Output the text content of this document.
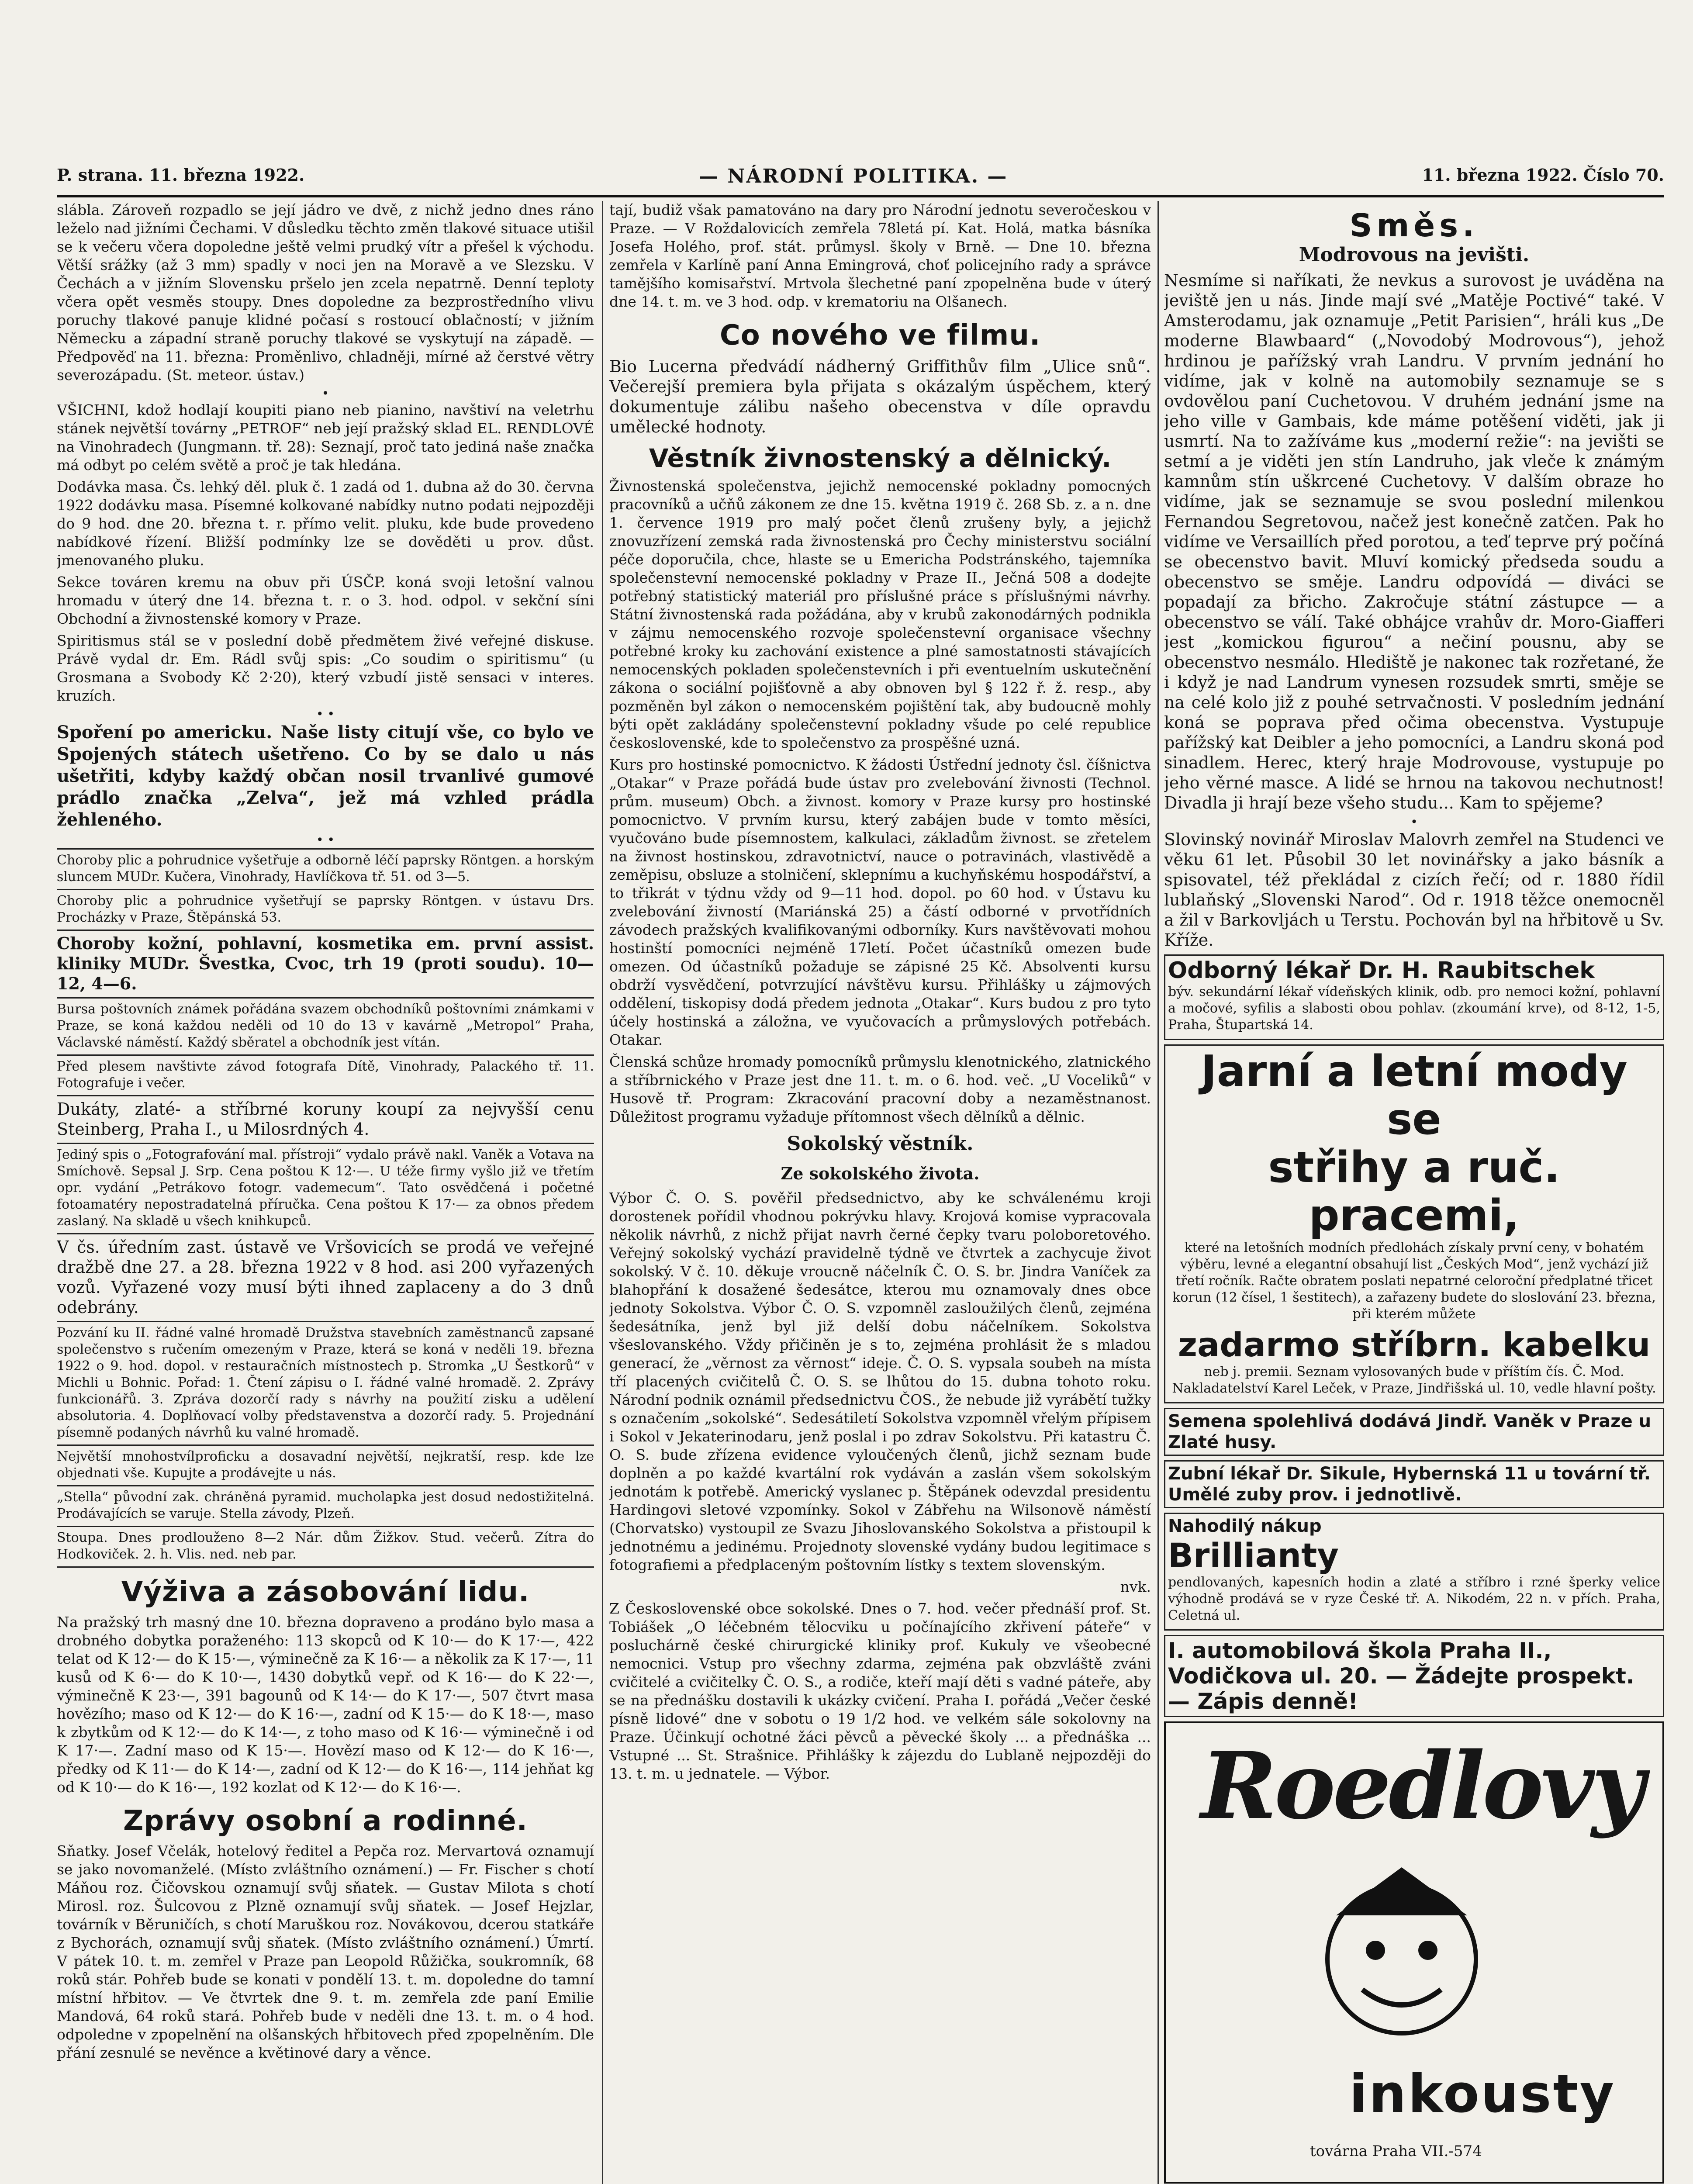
P. strana. 11. března 1922.	— NÁRODNÍ POLITIKA. —	11. března 1922. Číslo 70.

slábla. Zároveň rozpadlo se její jádro ve dvě, z nichž jedno dnes ráno leželo nad jižními Čechami. V důsledku těchto změn tlakové situace utišil se k večeru včera dopoledne ještě velmi prudký vítr a přešel k východu. Větší srážky (až 3 mm) spadly v noci jen na Moravě a ve Slezsku. V Čechách a v jižním Slovensku pršelo jen zcela nepatrně. Denní teploty včera opět vesměs stoupy. Dnes dopoledne za bezprostředního vlivu poruchy tlakové panuje klidné počasí s rostoucí oblačností; v jižním Německu a západní straně poruchy tlakové se vyskytují na západě. — Předpověď na 11. března: Proměnlivo, chladněji, mírné až čerstvé větry severozápadu. (St. meteor. ústav.)

•

VŠICHNI, kdož hodlají koupiti piano neb pianino, navštiví na veletrhu stánek největší továrny „PETROF“ neb její pražský sklad EL. RENDLOVÉ na Vinohradech (Jungmann. tř. 28): Seznají, proč tato jediná naše značka má odbyt po celém světě a proč je tak hledána.

Dodávka masa. Čs. lehký děl. pluk č. 1 zadá od 1. dubna až do 30. června 1922 dodávku masa. Písemné kolkované nabídky nutno podati nejpozději do 9 hod. dne 20. března t. r. přímo velit. pluku, kde bude provedeno nabídkové řízení. Bližší podmínky lze se dověděti u prov. důst. jmenovaného pluku.

Sekce továren kremu na obuv při ÚSČP. koná svoji letošní valnou hromadu v úterý dne 14. března t. r. o 3. hod. odpol. v sekční síni Obchodní a živnostenské komory v Praze.

Spiritismus stál se v poslední době předmětem živé veřejné diskuse. Právě vydal dr. Em. Rádl svůj spis: „Co soudim o spiritismu“ (u Grosmana a Svobody Kč 2·20), který vzbudí jistě sensaci v interes. kruzích.

• •

Spoření po americku. Naše listy citují vše, co bylo ve Spojených státech ušetřeno. Co by se dalo u nás ušetřiti, kdyby každý občan nosil trvanlivé gumové prádlo značka „Zelva“, jež má vzhled prádla žehleného.

• •

Choroby plic a pohrudnice vyšetřuje a odborně léčí paprsky Röntgen. a horským sluncem MUDr. Kučera, Vinohrady, Havlíčkova tř. 51. od 3—5.

Choroby plic a pohrudnice vyšetřují se paprsky Röntgen. v ústavu Drs. Procházky v Praze, Štěpánská 53.

Choroby kožní, pohlavní, kosmetika em. první assist. kliniky MUDr. Švestka, Cvoc, trh 19 (proti soudu). 10—12, 4—6.

Bursa poštovních známek pořádána svazem obchodníků poštovními známkami v Praze, se koná každou neděli od 10 do 13 v kavárně „Metropol“ Praha, Václavské náměstí. Každý sběratel a obchodník jest vítán.

Před plesem navštivte závod fotografa Dítě, Vinohrady, Palackého tř. 11. Fotografuje i večer.

Dukáty, zlaté- a stříbrné koruny koupí za nejvyšší cenu Steinberg, Praha I., u Milosrdných 4.

Jediný spis o „Fotografování mal. přístroji“ vydalo právě nakl. Vaněk a Votava na Smíchově. Sepsal J. Srp. Cena poštou K 12·—. U téže firmy vyšlo již ve třetím opr. vydání „Petrákovo fotogr. vademecum“. Tato osvědčená i početné fotoamatéry nepostradatelná příručka. Cena poštou K 17·— za obnos předem zaslaný. Na skladě u všech knihkupců.

V čs. úředním zast. ústavě ve Vršovicích se prodá ve veřejné dražbě dne 27. a 28. března 1922 v 8 hod. asi 200 vyřazených vozů. Vyřazené vozy musí býti ihned zaplaceny a do 3 dnů odebrány.

Pozvání ku II. řádné valné hromadě Družstva stavebních zaměstnanců zapsané společenstvo s ručením omezeným v Praze, která se koná v neděli 19. března 1922 o 9. hod. dopol. v restauračních místnostech p. Stromka „U Šestkorů“ v Michli u Bohnic. Pořad: 1. Čtení zápisu o I. řádné valné hromadě. 2. Zprávy funkcionářů. 3. Zpráva dozorčí rady s návrhy na použití zisku a udělení absolutoria. 4. Doplňovací volby představenstva a dozorčí rady. 5. Projednání písemně podaných návrhů ku valné hromadě.

Největší mnohostvílproficku a dosavadní největší, nejkratší, resp. kde lze objednati vše. Kupujte a prodávejte u nás.

„Stella“ původní zak. chráněná pyramid. mucholapka jest dosud nedostižitelná. Prodávajících se varuje. Stella závody, Plzeň.

Stoupa. Dnes prodlouženo 8—2 Nár. dům Žižkov. Stud. večerů. Zítra do Hodkoviček. 2. h. Vlis. ned. neb par.

Výživa a zásobování lidu.

Na pražský trh masný dne 10. března dopraveno a prodáno bylo masa a drobného dobytka poraženého: 113 skopců od K 10·— do K 17·—, 422 telat od K 12·— do K 15·—, výminečně za K 16·— a několik za K 17·—, 11 kusů od K 6·— do K 10·—, 1430 dobytků vepř. od K 16·— do K 22·—, výminečně K 23·—, 391 bagounů od K 14·— do K 17·—, 507 čtvrt masa hovězího; maso od K 12·— do K 16·—, zadní od K 15·— do K 18·—, maso k zbytkům od K 12·— do K 14·—, z toho maso od K 16·— výminečně i od K 17·—. Zadní maso od K 15·—. Hovězí maso od K 12·— do K 16·—, předky od K 11·— do K 14·—, zadní od K 12·— do K 16·—, 114 jehňat kg od K 10·— do K 16·—, 192 kozlat od K 12·— do K 16·—.

Zprávy osobní a rodinné.

Sňatky. Josef Včelák, hotelový ředitel a Pepča roz. Mervartová oznamují se jako novomanželé. (Místo zvláštního oznámení.) — Fr. Fischer s chotí Máňou roz. Čičovskou oznamují svůj sňatek. — Gustav Milota s chotí Mirosl. roz. Šulcovou z Plzně oznamují svůj sňatek. — Josef Hejzlar, továrník v Běruničích, s chotí Maruškou roz. Novákovou, dcerou statkáře z Bychorách, oznamují svůj sňatek. (Místo zvláštního oznámení.) Úmrtí. V pátek 10. t. m. zemřel v Praze pan Leopold Růžička, soukromník, 68 roků stár. Pohřeb bude se konati v pondělí 13. t. m. dopoledne do tamní místní hřbitov. — Ve čtvrtek dne 9. t. m. zemřela zde paní Emilie Mandová, 64 roků stará. Pohřeb bude v neděli dne 13. t. m. o 4 hod. odpoledne v zpopelnění na olšanských hřbitovech před zpopelněním. Dle přání zesnulé se nevěnce a květinové dary a věnce.

tají, budiž však pamatováno na dary pro Národní jednotu severočeskou v Praze. — V Roždalovicích zemřela 78letá pí. Kat. Holá, matka básníka Josefa Holého, prof. stát. průmysl. školy v Brně. — Dne 10. března zemřela v Karlíně paní Anna Emingrová, choť policejního rady a správce tamějšího komisařství. Mrtvola šlechetné paní zpopelněna bude v úterý dne 14. t. m. ve 3 hod. odp. v krematoriu na Olšanech.

Co nového ve filmu.

Bio Lucerna předvádí nádherný Griffithův film „Ulice snů“. Večerejší premiera byla přijata s okázalým úspěchem, který dokumentuje zálibu našeho obecenstva v díle opravdu umělecké hodnoty.

Věstník živnostenský a dělnický.

Živnostenská společenstva, jejichž nemocenské pokladny pomocných pracovníků a učňů zákonem ze dne 15. května 1919 č. 268 Sb. z. a n. dne 1. července 1919 pro malý počet členů zrušeny byly, a jejichž znovuzřízení zemská rada živnostenská pro Čechy ministerstvu sociální péče doporučila, chce, hlaste se u Emericha Podstránského, tajemníka společenstevní nemocenské pokladny v Praze II., Ječná 508 a dodejte potřebný statistický materiál pro příslušné práce s příslušnými návrhy. Státní živnostenská rada požádána, aby v krubů zakonodárných podnikla v zájmu nemocenského rozvoje společenstevní organisace všechny potřebné kroky ku zachování existence a plné samostatnosti stávajících nemocenských pokladen společenstevních i při eventuelním uskutečnění zákona o sociální pojišťovně a aby obnoven byl § 122 ř. ž. resp., aby pozměněn byl zákon o nemocenském pojištění tak, aby budoucně mohly býti opět zakládány společenstevní pokladny všude po celé republice československé, kde to společenstvo za prospěšné uzná.

Kurs pro hostinské pomocnictvo. K žádosti Ústřední jednoty čsl. číšnictva „Otakar“ v Praze pořádá bude ústav pro zvelebování živnosti (Technol. prům. museum) Obch. a živnost. komory v Praze kursy pro hostinské pomocnictvo. V prvním kursu, který zabájen bude v tomto měsíci, vyučováno bude písemnostem, kalkulaci, základům živnost. se zřetelem na živnost hostinskou, zdravotnictví, nauce o potravinách, vlastivědě a zeměpisu, obsluze a stolničení, sklepnímu a kuchyňskému hospodářství, a to třikrát v týdnu vždy od 9—11 hod. dopol. po 60 hod. v Ústavu ku zvelebování živností (Mariánská 25) a částí odborné v prvotřídních závodech pražských kvalifikovanými odborníky. Kurs navštěvovati mohou hostinští pomocníci nejméně 17letí. Počet účastníků omezen bude omezen. Od účastníků požaduje se zápisné 25 Kč. Absolventi kursu obdrží vysvědčení, potvrzující návštěvu kursu. Přihlášky u zájmových oddělení, tiskopisy dodá předem jednota „Otakar“. Kurs budou z pro tyto účely hostinská a záložna, ve vyučovacích a průmyslových potřebách. Otakar.

Členská schůze hromady pomocníků průmyslu klenotnického, zlatnického a stříbrnického v Praze jest dne 11. t. m. o 6. hod. več. „U Voceliků“ v Husově tř. Program: Zkracování pracovní doby a nezaměstnanost. Důležitost programu vyžaduje přítomnost všech dělníků a dělnic.

Sokolský věstník.
Ze sokolského života.

Výbor Č. O. S. pověřil předsednictvo, aby ke schválenému kroji dorostenek pořídil vhodnou pokrývku hlavy. Krojová komise vypracovala několik návrhů, z nichž přijat navrh černé čepky tvaru poloboretového. Veřejný sokolský vychází pravidelně týdně ve čtvrtek a zachycuje život sokolský. V č. 10. děkuje vroucně náčelník Č. O. S. br. Jindra Vaníček za blahopřání k dosažené šedesátce, kterou mu oznamovaly dnes obce jednoty Sokolstva. Výbor Č. O. S. vzpomněl zasloužilých členů, zejména šedesátníka, jenž byl již delší dobu náčelníkem. Sokolstva všeslovanského. Vždy přičiněn je s to, zejména prohlásit že s mladou generací, že „věrnost za věrnost“ ideje. Č. O. S. vypsala soubeh na místa tří placených cvičitelů Č. O. S. se lhůtou do 15. dubna tohoto roku. Národní podnik oznámil předsednictvu ČOS., že nebude již vyrábětí tužky s označením „sokolské“. Sedesátiletí Sokolstva vzpomněl vřelým přípisem i Sokol v Jekaterinodaru, jenž poslal i po zdrav Sokolstvu. Při katastru Č. O. S. bude zřízena evidence vyloučených členů, jichž seznam bude doplněn a po každé kvartální rok vydáván a zaslán všem sokolským jednotám k potřebě. Americký vyslanec p. Štěpánek odevzdal presidentu Hardingovi sletové vzpomínky. Sokol v Zábřehu na Wilsonově náměstí (Chorvatsko) vystoupil ze Svazu Jihoslovanského Sokolstva a přistoupil k jednotnému a jedinému. Projednoty slovenské vydány budou legitimace s fotografiemi a předplaceným poštovním lístky s textem slovenským.

nvk.

Z Československé obce sokolské. Dnes o 7. hod. večer přednáší prof. St. Tobiášek „O léčebném tělocviku u počínajícího zkřivení páteře“ v posluchárně české chirurgické kliniky prof. Kukuly ve všeobecné nemocnici. Vstup pro všechny zdarma, zejména pak obzvláště zváni cvičitelé a cvičitelky Č. O. S., a rodiče, kteří mají děti s vadné páteře, aby se na přednášku dostavili k ukázky cvičení. Praha I. pořádá „Večer české písně lidové“ dne v sobotu o 19 1/2 hod. ve velkém sále sokolovny na Praze. Účinkují ochotné žáci pěvců a pěvecké školy ... a přednáška ... Vstupné ... St. Strašnice. Přihlášky k zájezdu do Lublaně nejpozději do 13. t. m. u jednatele. — Výbor.

Směs.
Modrovous na jevišti.

Nesmíme si naříkati, že nevkus a surovost je uváděna na jeviště jen u nás. Jinde mají své „Matěje Poctivé“ také. V Amsterodamu, jak oznamuje „Petit Parisien“, hráli kus „De moderne Blawbaard“ („Novodobý Modrovous“), jehož hrdinou je pařížský vrah Landru. V prvním jednání ho vidíme, jak v kolně na automobily seznamuje se s ovdovělou paní Cuchetovou. V druhém jednání jsme na jeho ville v Gambais, kde máme potěšení viděti, jak ji usmrtí. Na to zažíváme kus „moderní režie“: na jevišti se setmí a je viděti jen stín Landruho, jak vleče k známým kamnům stín uškrcené Cuchetovy. V dalším obraze ho vidíme, jak se seznamuje se svou poslední milenkou Fernandou Segretovou, načež jest konečně zatčen. Pak ho vidíme ve Versaillích před porotou, a teď teprve prý počíná se obecenstvo bavit. Mluví komický předseda soudu a obecenstvo se směje. Landru odpovídá — diváci se popadají za břicho. Zakročuje státní zástupce — a obecenstvo se válí. Také obhájce vrahův dr. Moro-Giafferi jest „komickou figurou“ a nečiní pousnu, aby se obecenstvo nesmálo. Hlediště je nakonec tak rozřetané, že i když je nad Landrum vynesen rozsudek smrti, směje se na celé kolo již z pouhé setrvačnosti. V posledním jednání koná se poprava před očima obecenstva. Vystupuje pařížský kat Deibler a jeho pomocníci, a Landru skoná pod sinadlem. Herec, který hraje Modrovouse, vystupuje po jeho věrné masce. A lidé se hrnou na takovou nechutnost! Divadla ji hrají beze všeho studu... Kam to spějeme?

•

Slovinský novinář Miroslav Malovrh zemřel na Studenci ve věku 61 let. Působil 30 let novinářsky a jako básník a spisovatel, též překládal z cizích řečí; od r. 1880 řídil lublaňský „Slovenski Narod“. Od r. 1918 těžce onemocněl a žil v Barkovljách u Terstu. Pochován byl na hřbitově u Sv. Kříže.

Odborný lékař Dr. H. Raubitschek
býv. sekundární lékař vídeňských klinik, odb. pro nemoci kožní, pohlavní a močové, syfilis a slabosti obou pohlav. (zkoumání krve), od 8-12, 1-5, Praha, Štupartská 14.
Jarní a letní mody se
střihy a ruč. pracemi,
které na letošních modních předlohách získaly první ceny, v bohatém výběru, levné a elegantní obsahují list „Českých Mod“, jenž vychází již třetí ročník. Račte obratem poslati nepatrné celoroční předplatné třicet korun (12 čísel, 1 šestitech), a zařazeny budete do sloslování 23. března, při kterém můžete
zadarmo stříbrn. kabelku
neb j. premii. Seznam vylosovaných bude v příštím čís. Č. Mod. Nakladatelství Karel Leček, v Praze, Jindřišská ul. 10, vedle hlavní pošty.
Semena spolehlivá dodává Jindř. Vaněk v Praze u Zlaté husy.
Zubní lékař Dr. Sikule, Hybernská 11 u tovární tř. Umělé zuby prov. i jednotlivě.
Nahodilý nákup
Brillianty
pendlovaných, kapesních hodin a zlaté a stříbro i rzné šperky velice výhodně prodává se v ryze České tř. A. Nikodém, 22 n. v přích. Praha, Celetná ul.
I. automobilová škola Praha II., Vodičkova ul. 20. — Žádejte prospekt. — Zápis denně!
Roedlovy
inkousty
továrna Praha VII.-574
